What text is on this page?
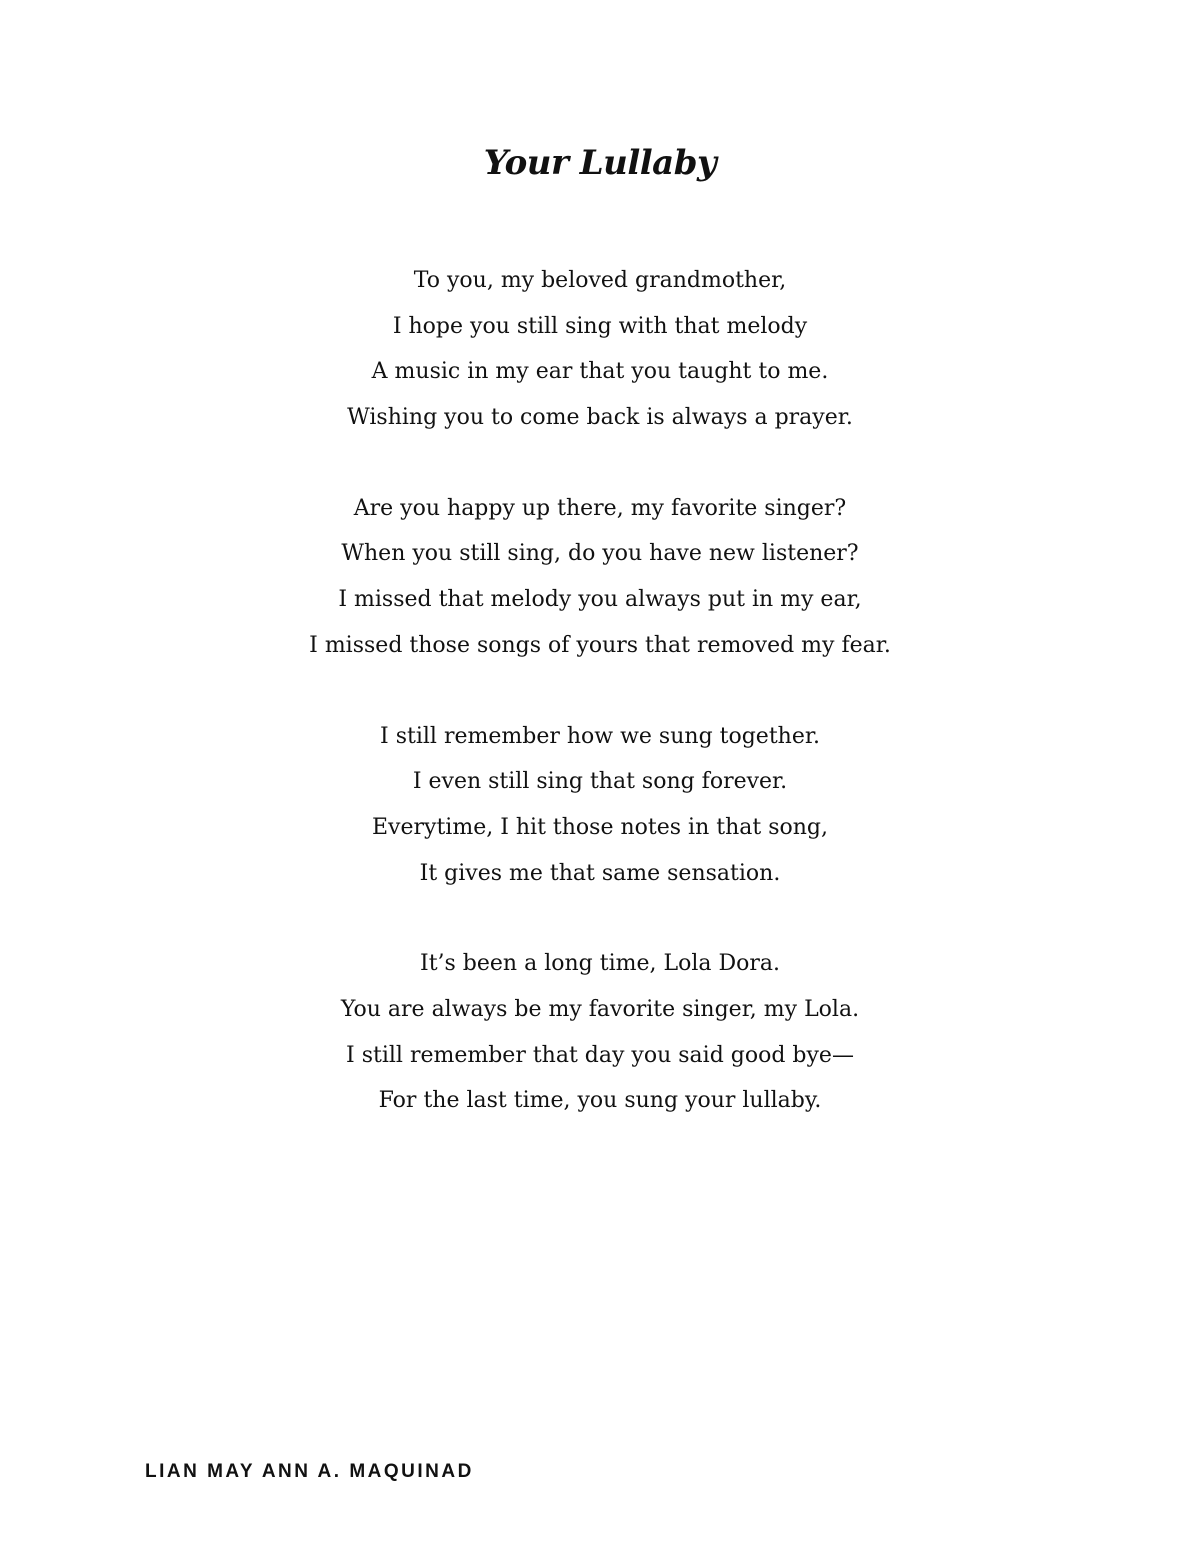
Your Lullaby
To you, my beloved grandmother,
I hope you still sing with that melody
A music in my ear that you taught to me.
Wishing you to come back is always a prayer.
Are you happy up there, my favorite singer?
When you still sing, do you have new listener?
I missed that melody you always put in my ear,
I missed those songs of yours that removed my fear.
I still remember how we sung together.
I even still sing that song forever.
Everytime, I hit those notes in that song,
It gives me that same sensation.
It’s been a long time, Lola Dora.
You are always be my favorite singer, my Lola.
I still remember that day you said good bye—
For the last time, you sung your lullaby.
LIAN MAY ANN A. MAQUINAD
